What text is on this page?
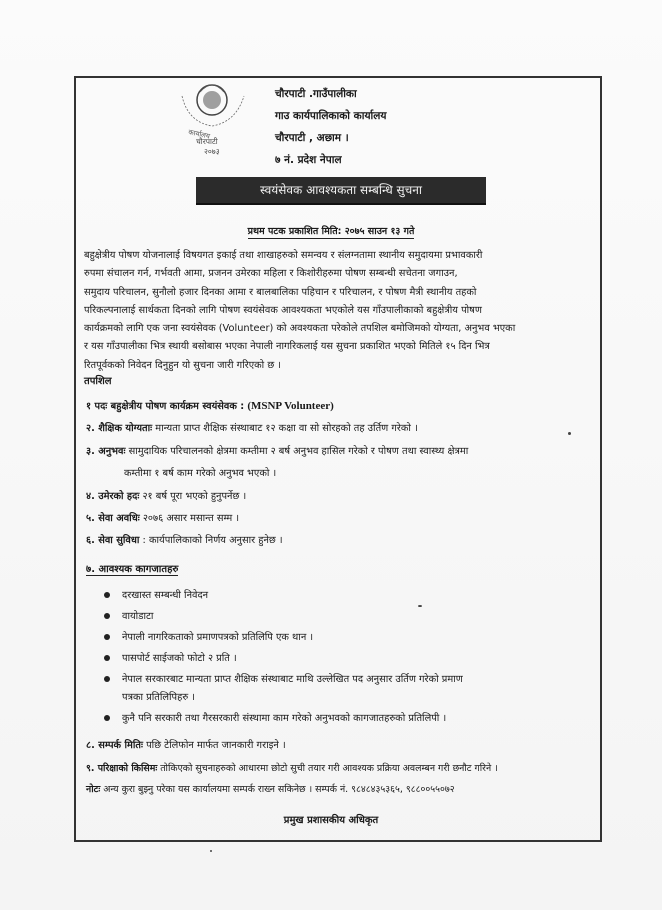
कार्यालय
चौरपाटी
२०७३
चौरपाटी .गाउँपालीका
गाउ कार्यपालिकाको कार्यालय
चौरपाटी , अछाम ।
७ नं. प्रदेश नेपाल
स्वयंसेवक आवश्यकता सम्बन्धि सुचना
प्रथम पटक प्रकाशित मिति: २०७५ साउन १३ गते
बहुक्षेत्रीय पोषण योजनालाई विषयगत इकाई तथा शाखाहरुको समन्वय र संलग्नतामा स्थानीय समुदायमा प्रभावकारी
रुपमा संचालन गर्न, गर्भवती आमा, प्रजनन उमेरका महिला र किशोरीहरुमा पोषण सम्बन्धी सचेतना जगाउन,
समुदाय परिचालन, सुनौलो हजार दिनका आमा र बालबालिका पहिचान र परिचालन, र पोषण मैत्री स्थानीय तहको
परिकल्पनालाई सार्थकता दिनको लागि पोषण स्वयंसेवक आवश्यकता भएकोले यस गाँउपालीकाको बहुक्षेत्रीय पोषण
कार्यक्रमको लागि एक जना स्वयंसेवक (Volunteer) को अवश्यकता परेकोले तपशिल बमोजिमको योग्यता, अनुभव भएका
र यस गाँउपालीका भित्र स्थायी बसोबास भएका नेपाली नागरिकलाई यस सुचना प्रकाशित भएको मितिले १५ दिन भित्र
रितपूर्वकको निवेदन दिनुहुन यो सुचना जारी गरिएको छ ।
तपशिल
१ पदः बहुक्षेत्रीय पोषण कार्यक्रम स्वयंसेवक : (MSNP Volunteer)
२. शैक्षिक योग्यताः मान्यता प्राप्त शैक्षिक संस्थाबाट १२ कक्षा वा सो सोरहको तह उर्तिण गरेको ।
३. अनुभवः सामुदायिक परिचालनको क्षेत्रमा कम्तीमा २ बर्ष अनुभव हासिल गरेको र पोषण तथा स्वास्थ्य क्षेत्रमा
कम्तीमा १ बर्ष काम गरेको अनुभव भएको ।
४. उमेरको हदः २१ बर्ष पूरा भएको हुनुपर्नेछ ।
५. सेवा अवधिः २०७६ असार मसान्त सम्म ।
६. सेवा सुविधा : कार्यपालिकाको निर्णय अनुसार हुनेछ ।
७. आवश्यक कागजातहरु
दरखास्त सम्बन्धी निवेदन
वायोडाटा
नेपाली नागरिकताको प्रमाणपत्रको प्रतिलिपि एक थान ।
पासपोर्ट साईजको फोटो २ प्रति ।
नेपाल सरकारबाट मान्यता प्राप्त शैक्षिक संस्थाबाट माथि उल्लेखित पद अनुसार उर्तिण गरेको प्रमाण
पत्रका प्रतिलिपिहरु ।
कुनै पनि सरकारी तथा गैरसरकारी संस्थामा काम गरेको अनुभवको कागजातहरुको प्रतिलिपी ।
८. सम्पर्क मितिः पछि टेलिफोन मार्फत जानकारी गराइने ।
९. परिक्षाको किसिमः तोकिएको सुचनाहरुको आधारमा छोटो सुची तयार गरी आवश्यक प्रक्रिया अवलम्बन गरी छनौट गरिने ।
नोटः अन्य कुरा बुझ्नु परेका यस कार्यालयमा सम्पर्क राख्न सकिनेछ । सम्पर्क नं. ९८४८४३५३६५, ९८८००५५०७२
प्रमुख प्रशासकीय अधिकृत
